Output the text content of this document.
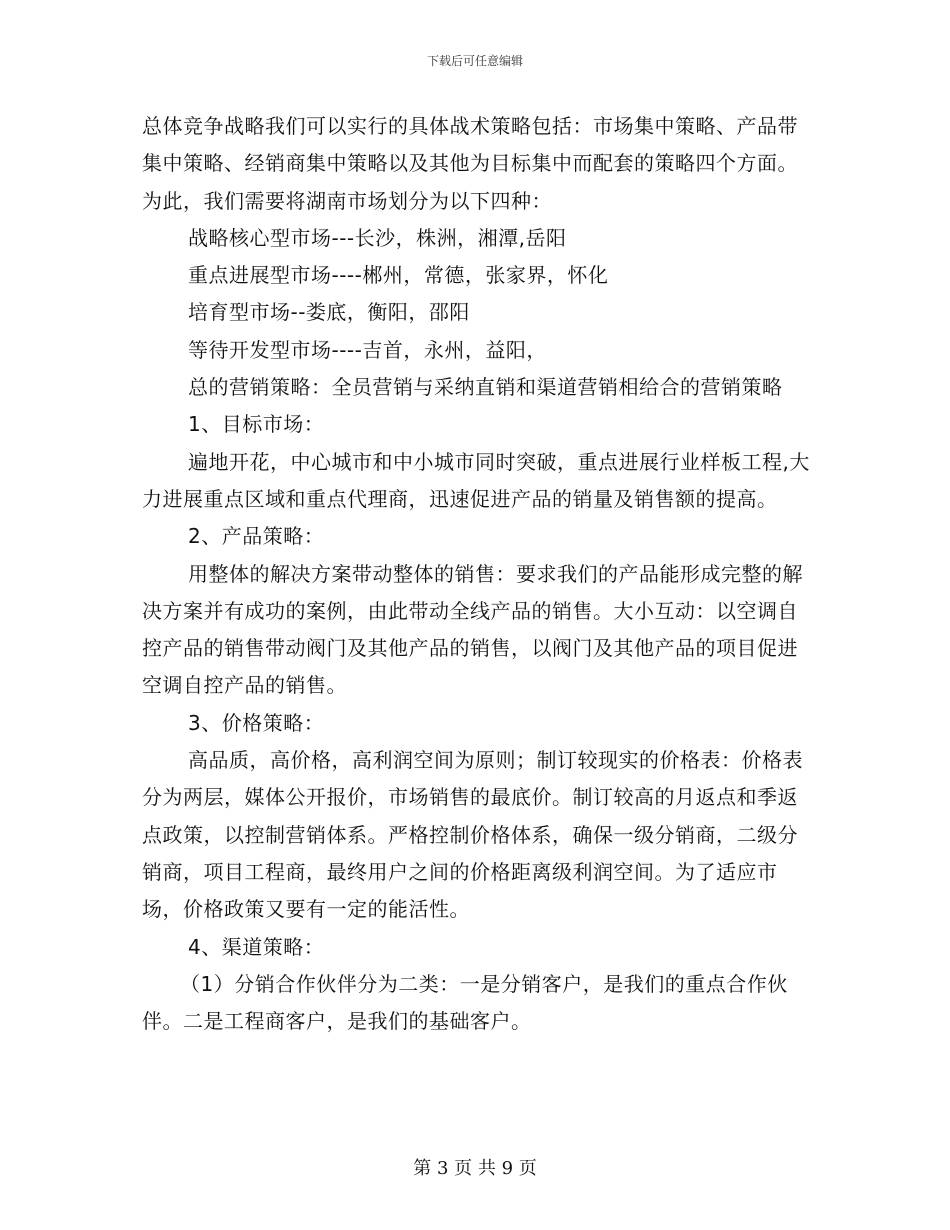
下载后可任意编辑

总体竞争战略我们可以实行的具体战术策略包括：市场集中策略、产品带集中策略、经销商集中策略以及其他为目标集中而配套的策略四个方面。为此，我们需要将湖南市场划分为以下四种：

战略核心型市场---长沙，株洲，湘潭,岳阳

重点进展型市场----郴州，常德，张家界，怀化

培育型市场--娄底，衡阳，邵阳

等待开发型市场----吉首，永州，益阳，

总的营销策略：全员营销与采纳直销和渠道营销相给合的营销策略

1、目标市场：

遍地开花，中心城市和中小城市同时突破，重点进展行业样板工程,大力进展重点区域和重点代理商，迅速促进产品的销量及销售额的提高。

2、产品策略：

用整体的解决方案带动整体的销售：要求我们的产品能形成完整的解决方案并有成功的案例，由此带动全线产品的销售。大小互动：以空调自控产品的销售带动阀门及其他产品的销售，以阀门及其他产品的项目促进空调自控产品的销售。

3、价格策略：

高品质，高价格，高利润空间为原则；制订较现实的价格表：价格表分为两层，媒体公开报价，市场销售的最底价。制订较高的月返点和季返点政策，以控制营销体系。严格控制价格体系，确保一级分销商，二级分销商，项目工程商，最终用户之间的价格距离级利润空间。为了适应市场，价格政策又要有一定的能活性。

4、渠道策略：

（1）分销合作伙伴分为二类：一是分销客户，是我们的重点合作伙伴。二是工程商客户，是我们的基础客户。

第 3 页 共 9 页
